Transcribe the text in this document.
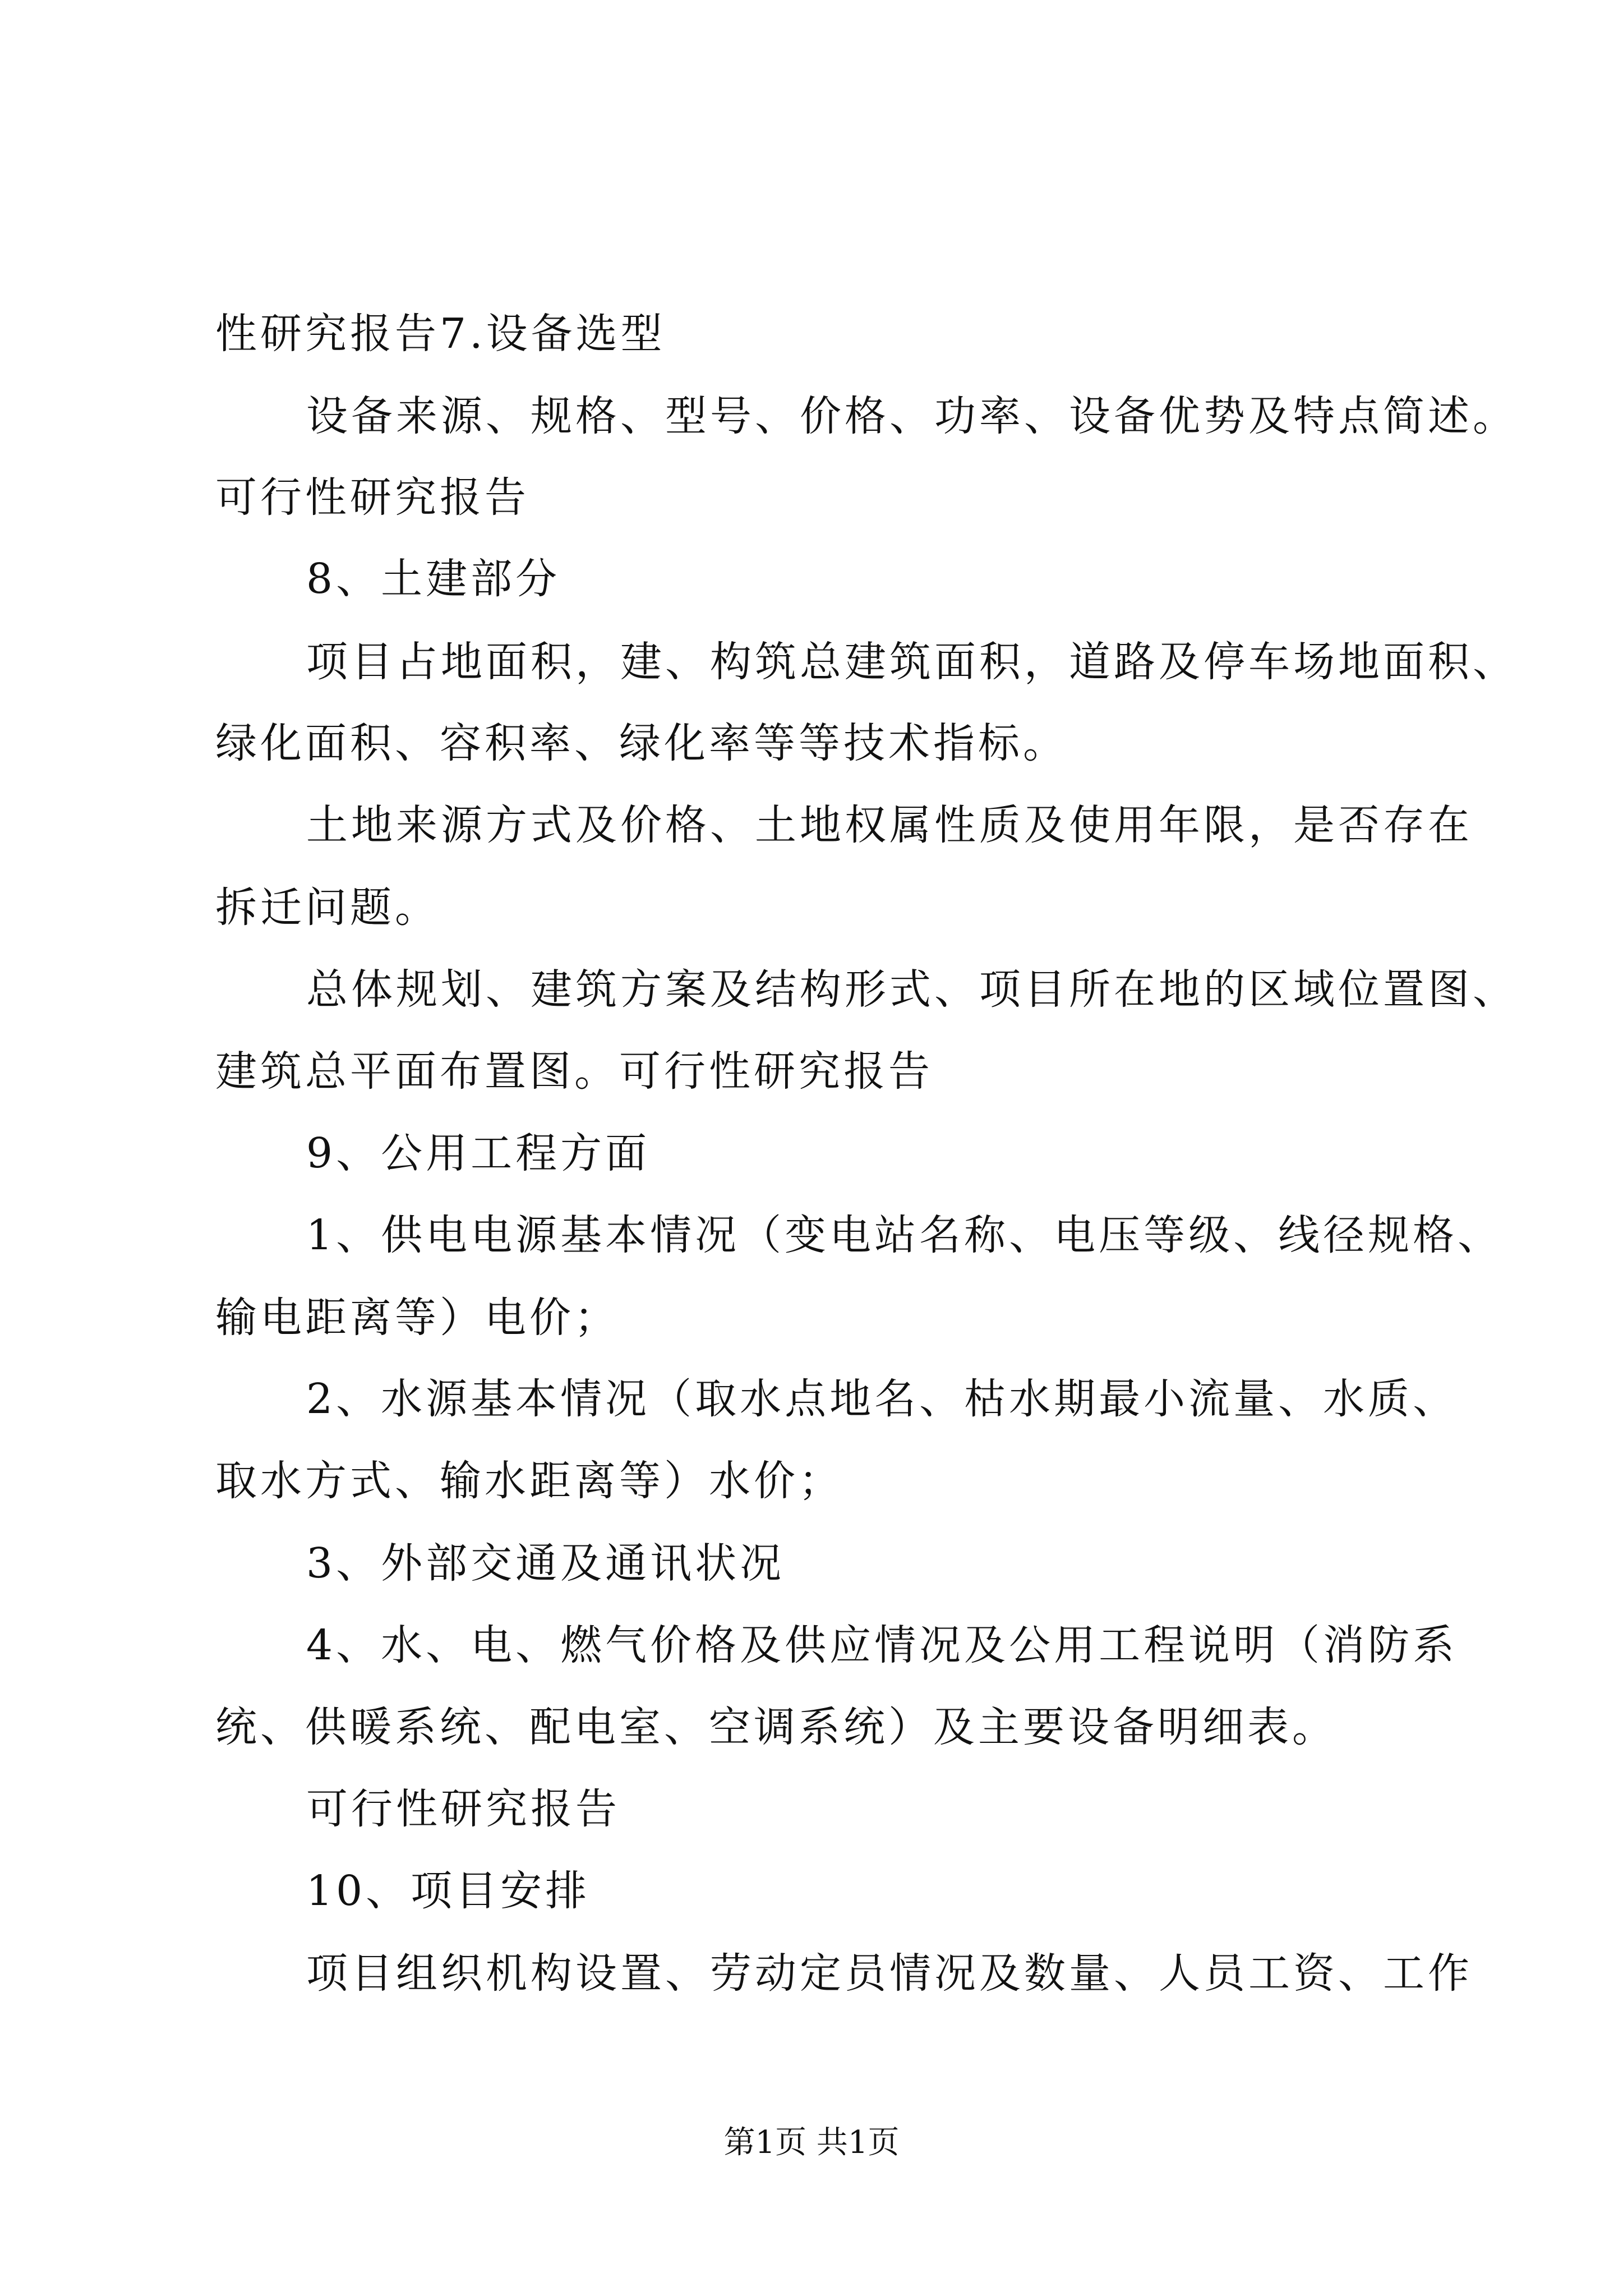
性研究报告7.设备选型

设备来源、规格、型号、价格、功率、设备优势及特点简述。

可行性研究报告

8、土建部分

项目占地面积，建、构筑总建筑面积，道路及停车场地面积、

绿化面积、容积率、绿化率等等技术指标。

土地来源方式及价格、土地权属性质及使用年限，是否存在

拆迁问题。

总体规划、建筑方案及结构形式、项目所在地的区域位置图、

建筑总平面布置图。可行性研究报告

9、公用工程方面

1、供电电源基本情况（变电站名称、电压等级、线径规格、

输电距离等）电价；

2、水源基本情况（取水点地名、枯水期最小流量、水质、

取水方式、输水距离等）水价；

3、外部交通及通讯状况

4、水、电、燃气价格及供应情况及公用工程说明（消防系

统、供暖系统、配电室、空调系统）及主要设备明细表。

可行性研究报告

10、项目安排

项目组织机构设置、劳动定员情况及数量、人员工资、工作

第1页 共1页
